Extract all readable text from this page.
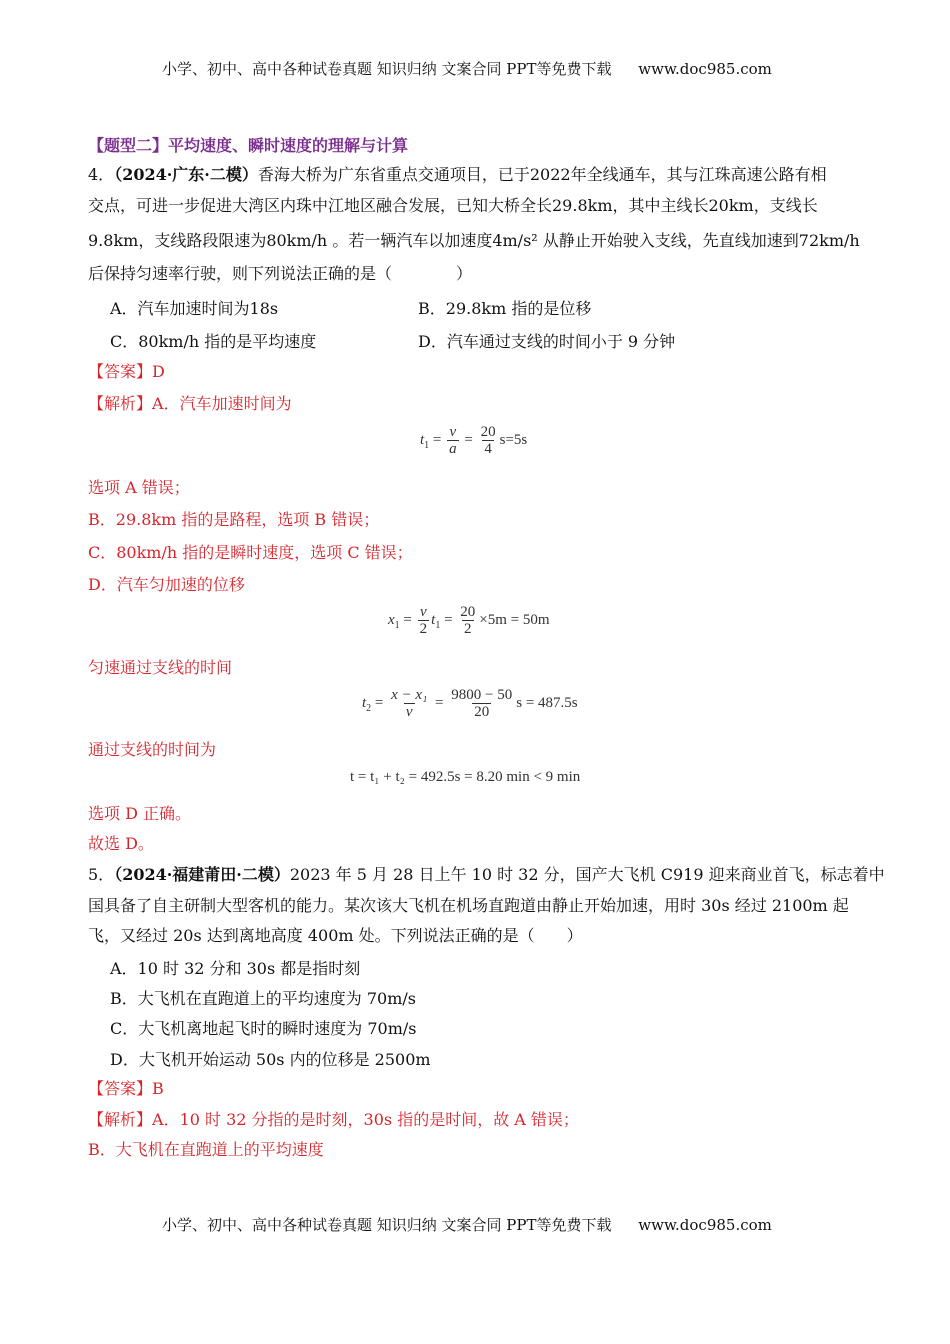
小学、初中、高中各种试卷真题 知识归纳 文案合同 PPT等免费下载 www.doc985.com
【题型二】平均速度、瞬时速度的理解与计算
4．（2024·广东·二模）香海大桥为广东省重点交通项目，已于2022年全线通车，其与江珠高速公路有相
交点，可进一步促进大湾区内珠中江地区融合发展，已知大桥全长29.8km，其中主线长20km，支线长
9.8km，支线路段限速为80km/h 。若一辆汽车以加速度4m/s² 从静止开始驶入支线，先直线加速到72km/h
后保持匀速率行驶，则下列说法正确的是（　　　　）
A．汽车加速时间为18s	B．29.8km 指的是位移
C．80km/h 指的是平均速度	D．汽车通过支线的时间小于 9 分钟
【答案】D
【解析】A．汽车加速时间为
$t_1 = \frac{v}{a} = \frac{20}{4} s=5s$
选项 A 错误；
B．29.8km 指的是路程，选项 B 错误；
C．80km/h 指的是瞬时速度，选项 C 错误；
D．汽车匀加速的位移
$x_1 = \frac{v}{2} t_1 = \frac{20}{2} \times 5m = 50m$
匀速通过支线的时间
$t_2 = \frac{\text{x − x₁}}{v} = \frac{9800 - 50}{20}$ s = 487.5s
通过支线的时间为
t = t₁ + t₂ = 492.5s = 8.20 min < 9 min
选项 D 正确。
故选 D。
5．（2024·福建莆田·二模）2023 年 5 月 28 日上午 10 时 32 分，国产大飞机 C919 迎来商业首飞，标志着中
国具备了自主研制大型客机的能力。某次该大飞机在机场直跑道由静止开始加速，用时 30s 经过 2100m 起
飞，又经过 20s 达到离地高度 400m 处。下列说法正确的是（　　）
A．10 时 32 分和 30s 都是指时刻
B．大飞机在直跑道上的平均速度为 70m/s
C．大飞机离地起飞时的瞬时速度为 70m/s
D．大飞机开始运动 50s 内的位移是 2500m
【答案】B
【解析】A．10 时 32 分指的是时刻，30s 指的是时间，故 A 错误；
B．大飞机在直跑道上的平均速度
小学、初中、高中各种试卷真题 知识归纳 文案合同 PPT等免费下载 www.doc985.com
